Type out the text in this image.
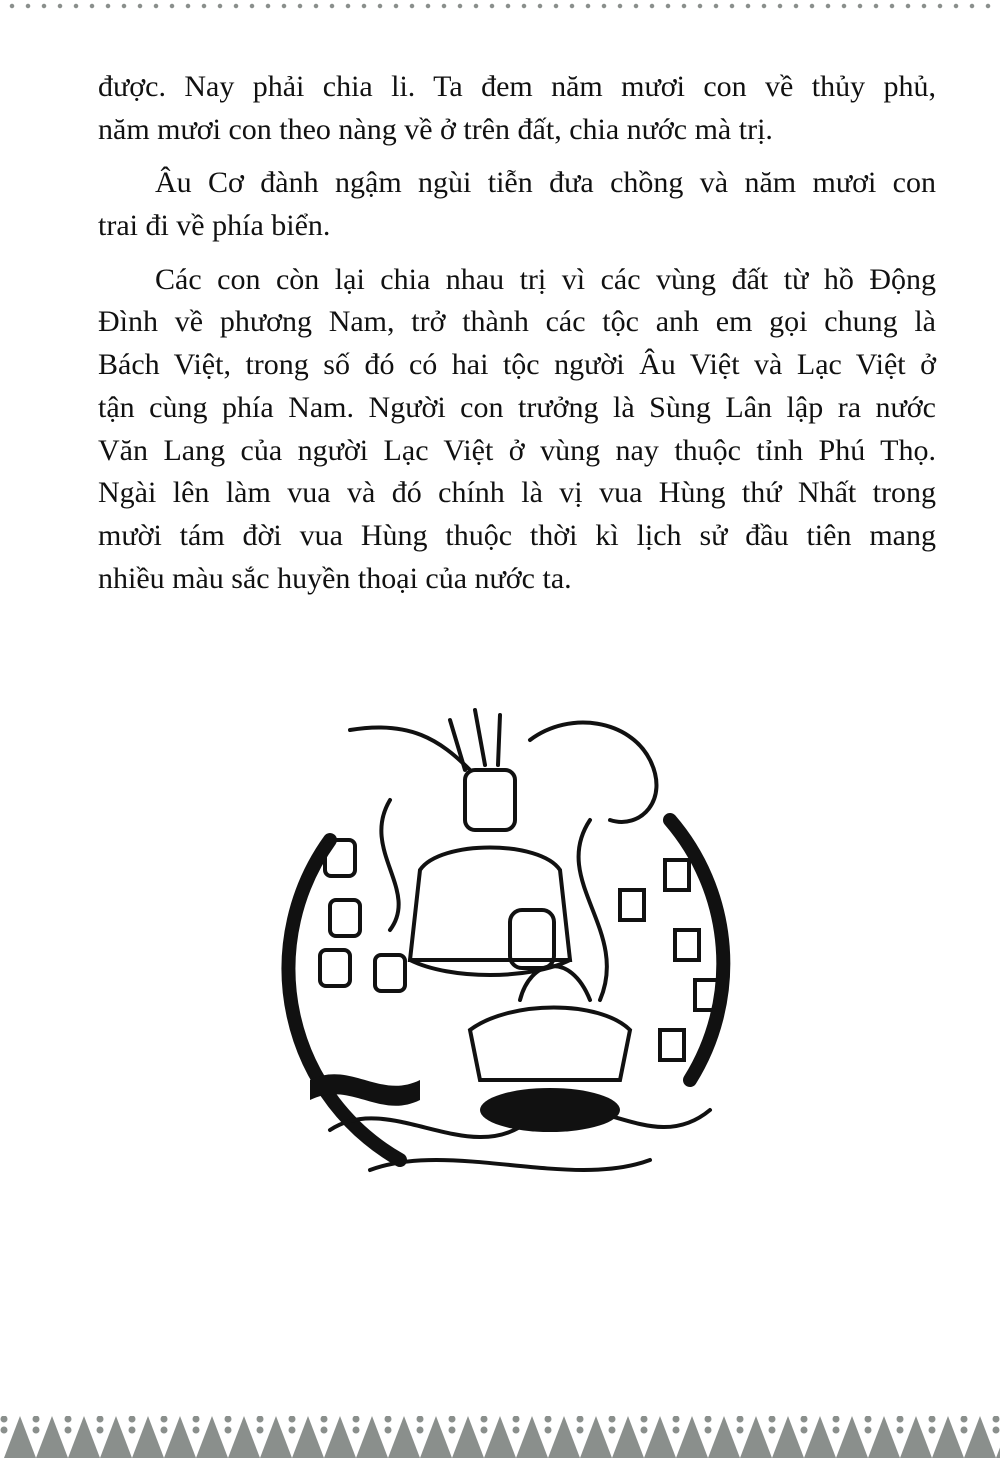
được. Nay phải chia li. Ta đem năm mươi con về thủy phủ,
năm mươi con theo nàng về ở trên đất, chia nước mà trị.
Âu Cơ đành ngậm ngùi tiễn đưa chồng và năm mươi con
trai đi về phía biển.
Các con còn lại chia nhau trị vì các vùng đất từ hồ Động
Đình về phương Nam, trở thành các tộc anh em gọi chung là
Bách Việt, trong số đó có hai tộc người Âu Việt và Lạc Việt ở
tận cùng phía Nam. Người con trưởng là Sùng Lân lập ra nước
Văn Lang của người Lạc Việt ở vùng nay thuộc tỉnh Phú Thọ.
Ngài lên làm vua và đó chính là vị vua Hùng thứ Nhất trong
mười tám đời vua Hùng thuộc thời kì lịch sử đầu tiên mang
nhiều màu sắc huyền thoại của nước ta.
